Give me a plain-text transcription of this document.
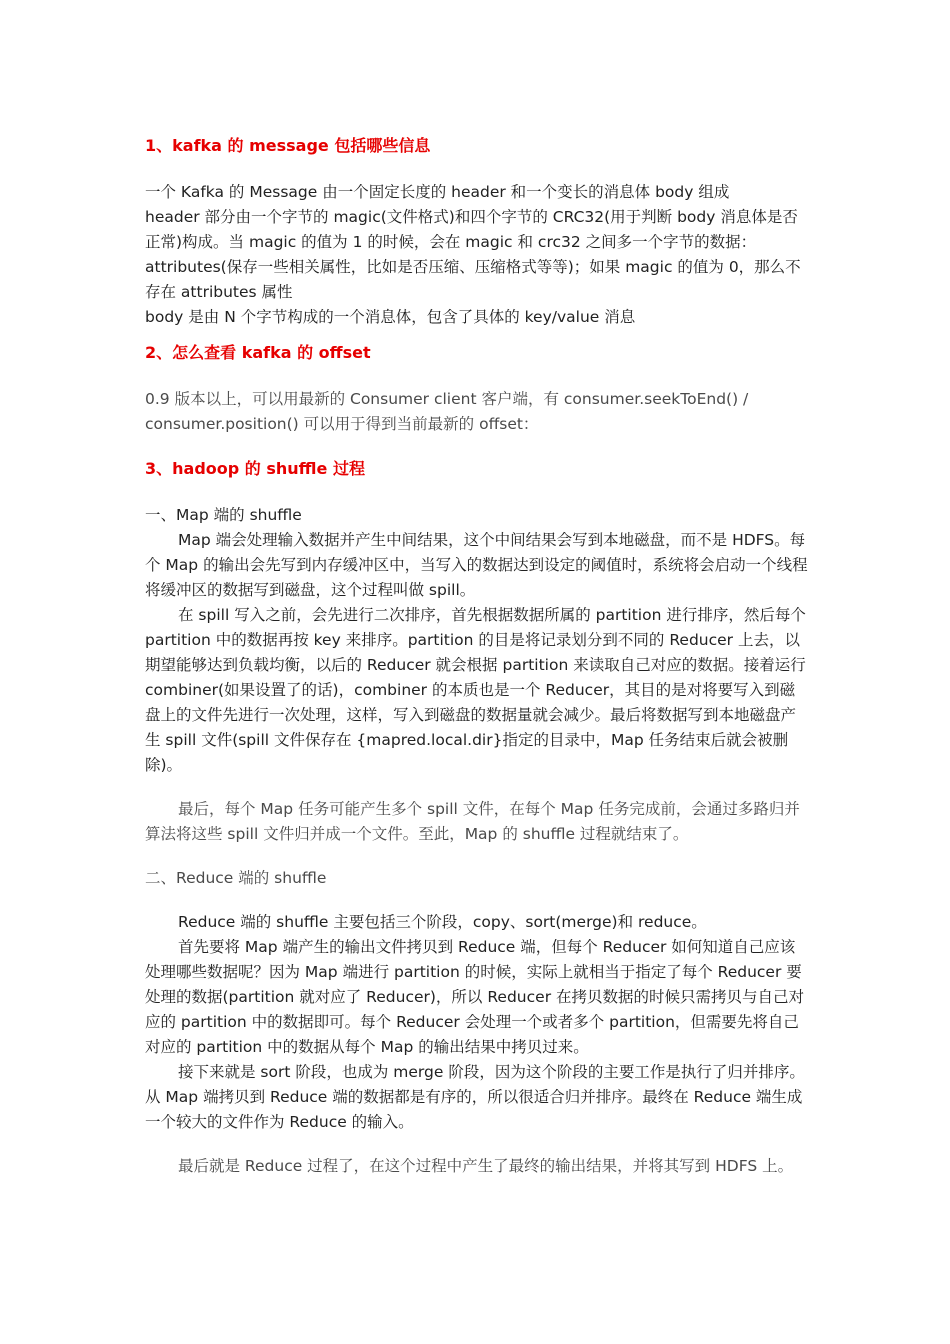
1、kafka 的 message 包括哪些信息

一个 Kafka 的 Message 由一个固定长度的 header 和一个变长的消息体 body 组成

header 部分由一个字节的 magic(文件格式)和四个字节的 CRC32(用于判断 body 消息体是否正常)构成。当 magic 的值为 1 的时候，会在 magic 和 crc32 之间多一个字节的数据：attributes(保存一些相关属性，比如是否压缩、压缩格式等等)；如果 magic 的值为 0，那么不存在 attributes 属性

body 是由 N 个字节构成的一个消息体，包含了具体的 key/value 消息

2、怎么查看 kafka 的 offset

0.9 版本以上，可以用最新的 Consumer client 客户端，有 consumer.seekToEnd() / consumer.position() 可以用于得到当前最新的 offset：

3、hadoop 的 shuffle 过程

一、Map 端的 shuffle

Map 端会处理输入数据并产生中间结果，这个中间结果会写到本地磁盘，而不是 HDFS。每个 Map 的输出会先写到内存缓冲区中，当写入的数据达到设定的阈值时，系统将会启动一个线程将缓冲区的数据写到磁盘，这个过程叫做 spill。

在 spill 写入之前，会先进行二次排序，首先根据数据所属的 partition 进行排序，然后每个 partition 中的数据再按 key 来排序。partition 的目是将记录划分到不同的 Reducer 上去，以期望能够达到负载均衡，以后的 Reducer 就会根据 partition 来读取自己对应的数据。接着运行 combiner(如果设置了的话)，combiner 的本质也是一个 Reducer，其目的是对将要写入到磁盘上的文件先进行一次处理，这样，写入到磁盘的数据量就会减少。最后将数据写到本地磁盘产生 spill 文件(spill 文件保存在 {mapred.local.dir}指定的目录中，Map 任务结束后就会被删除)。

最后，每个 Map 任务可能产生多个 spill 文件，在每个 Map 任务完成前，会通过多路归并算法将这些 spill 文件归并成一个文件。至此，Map 的 shuffle 过程就结束了。

二、Reduce 端的 shuffle

Reduce 端的 shuffle 主要包括三个阶段，copy、sort(merge)和 reduce。

首先要将 Map 端产生的输出文件拷贝到 Reduce 端，但每个 Reducer 如何知道自己应该处理哪些数据呢？因为 Map 端进行 partition 的时候，实际上就相当于指定了每个 Reducer 要处理的数据(partition 就对应了 Reducer)，所以 Reducer 在拷贝数据的时候只需拷贝与自己对应的 partition 中的数据即可。每个 Reducer 会处理一个或者多个 partition，但需要先将自己对应的 partition 中的数据从每个 Map 的输出结果中拷贝过来。

接下来就是 sort 阶段，也成为 merge 阶段，因为这个阶段的主要工作是执行了归并排序。从 Map 端拷贝到 Reduce 端的数据都是有序的，所以很适合归并排序。最终在 Reduce 端生成一个较大的文件作为 Reduce 的输入。

最后就是 Reduce 过程了，在这个过程中产生了最终的输出结果，并将其写到 HDFS 上。
